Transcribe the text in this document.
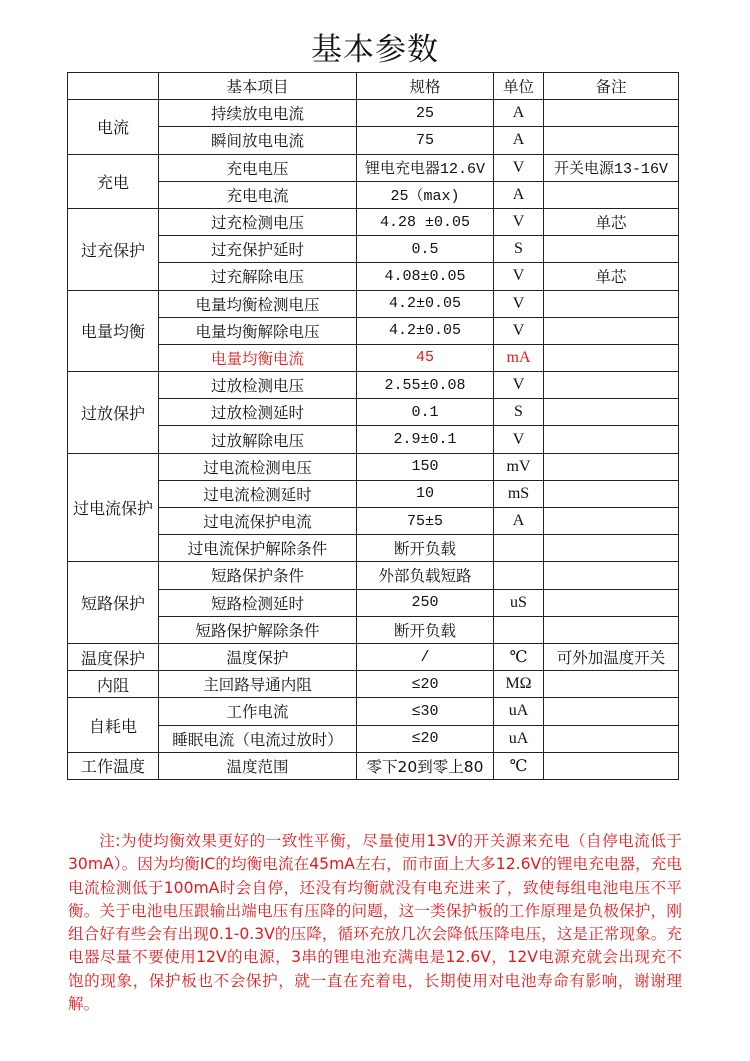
基本参数
	基本项目	规格	单位	备注
电流	持续放电电流	25	A	
	瞬间放电电流	75	A	
充电	充电电压	锂电充电器12.6V	V	开关电源13-16V
	充电电流	25（max)	A	
过充保护	过充检测电压	4.28 ±0.05	V	单芯
	过充保护延时	0.5	S	
	过充解除电压	4.08±0.05	V	单芯
电量均衡	电量均衡检测电压	4.2±0.05	V	
	电量均衡解除电压	4.2±0.05	V	
	电量均衡电流	45	mA	
过放保护	过放检测电压	2.55±0.08	V	
	过放检测延时	0.1	S	
	过放解除电压	2.9±0.1	V	
过电流保护	过电流检测电压	150	mV	
	过电流检测延时	10	mS	
	过电流保护电流	75±5	A	
	过电流保护解除条件	断开负载		
短路保护	短路保护条件	外部负载短路		
	短路检测延时	250	uS	
	短路保护解除条件	断开负载		
温度保护	温度保护	/	℃	可外加温度开关
内阻	主回路导通内阻	≤20	MΩ	
自耗电	工作电流	≤30	uA	
	睡眠电流（电流过放时）	≤20	uA	
工作温度	温度范围	零下20到零上80	℃	
注:为使均衡效果更好的一致性平衡，尽量使用13V的开关源来充电（自停电流低于30mA）。因为均衡IC的均衡电流在45mA左右，而市面上大多12.6V的锂电充电器，充电电流检测低于100mA时会自停，还没有均衡就没有电充进来了，致使每组电池电压不平衡。关于电池电压跟输出端电压有压降的问题，这一类保护板的工作原理是负极保护，刚组合好有些会有出现0.1-0.3V的压降，循环充放几次会降低压降电压，这是正常现象。充电器尽量不要使用12V的电源，3串的锂电池充满电是12.6V，12V电源充就会出现充不饱的现象，保护板也不会保护，就一直在充着电，长期使用对电池寿命有影响，谢谢理解。
